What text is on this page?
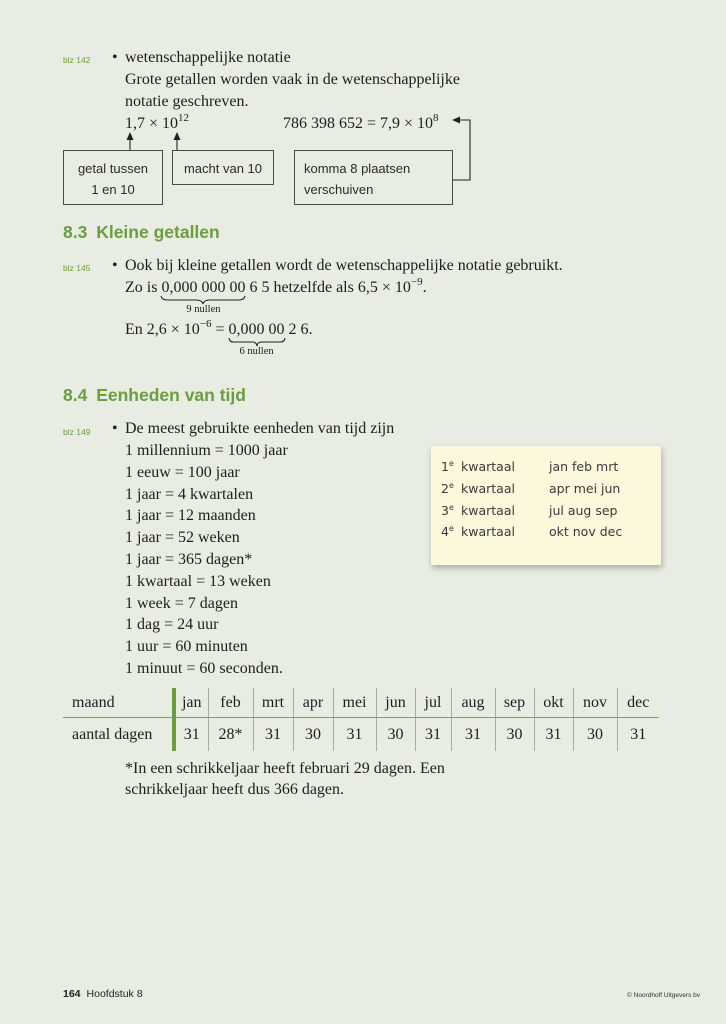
blz 142 • wetenschappelijke notatie
Grote getallen worden vaak in de wetenschappelijke
notatie geschreven.
$1,7 \times 10^{12}$	786 398 $652 = 7,9 \times 10^8$
getal tussen
1 en 10
macht van 10	komma 8 plaatsen
verschuiven
8.3 Kleine getallen
blz 145 • Ook bij kleine getallen wordt de wetenschappelijke notatie gebruikt.
Zo is 0,000 000 00
9 nullen
6 5 hetzelfde als $6,5 \times 10^{-9}$.
En $2,6 \times 10^{-6} = 0,000$ 00
6 nullen
2 6.
8.4 Eenheden van tijd
blz 149 • De meest gebruikte eenheden van tijd zijn
1 millennium = 1000 jaar
1 eeuw = 100 jaar
1 jaar = 4 kwartalen
1 jaar = 12 maanden
1 jaar = 52 weken
1 jaar = 365 dagen*
1 kwartaal = 13 weken
1 week = 7 dagen
1 dag = 24 uur
1 uur = 60 minuten
1 minuut = 60 seconden.
1e kwartaal	jan feb mrt
2e kwartaal	apr mei jun
3e kwartaal	jul aug sep
4e kwartaal	okt nov dec
maand	jan	feb	mrt	apr	mei	jun	jul	aug	sep	okt	nov	dec
aantal dagen	31	28*	31	30	31	30	31	31	30	31	30	31
*In een schrikkeljaar heeft februari 29 dagen. Een
schrikkeljaar heeft dus 366 dagen.
164 Hoofdstuk 8	© Noordhoff Uitgevers bv
